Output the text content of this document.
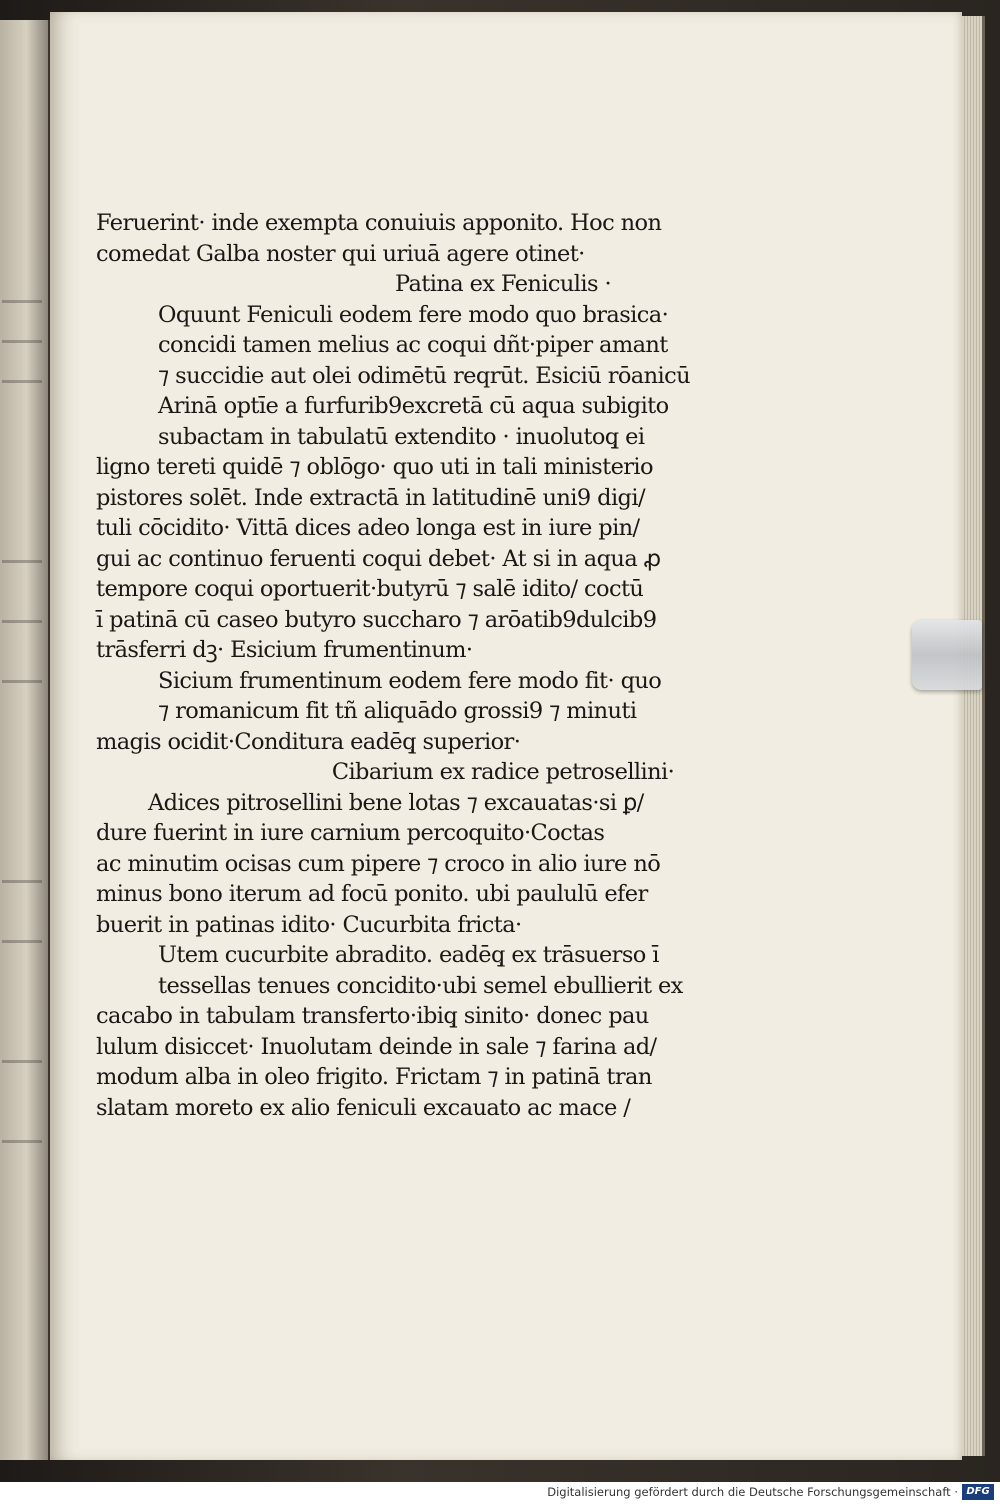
Feruerint· inde exempta conuiuis apponito. Hoc non
comedat Galba noster qui uriuā agere otinet·
Patina ex Feniculis ·
Oquunt Feniculi eodem fere modo quo brasica·
concidi tamen melius ac coqui dñt·piper amant
⁊ succidie aut olei odimētū reqrūt. Esiciū rōanicū
Arinā optīe a furfurib9excretā cū aqua subigito
subactam in tabulatū extendito · inuolutoq̧ ei
ligno tereti quidē ⁊ oblōgo· quo uti in tali ministerio
pistores solēt. Inde extractā in latitudinē uni9 digi/
tuli cōcidito· Vittā dices adeo longa est in iure pin/
gui ac continuo feruenti coqui debet· At si in aqua ꝓ
tempore coqui oportuerit·butyrū ⁊ salē idito/ coctū
ī patinā cū caseo butyro succharo ⁊ arōatib9dulcib9
trāsferri dꝫ· Esicium frumentinum·
Sicium frumentinum eodem fere modo fit· quo
⁊ romanicum fit tñ aliquādo grossi9 ⁊ minuti
magis ocidit·Conditura eadēq̧ superior·
Cibarium ex radice petrosellini·
Adices pitrosellini bene lotas ⁊ excauatas·si ꝑ/
dure fuerint in iure carnium percoquito·Coctas
ac minutim ocisas cum pipere ⁊ croco in alio iure nō
minus bono iterum ad focū ponito. ubi paululū efer
buerit in patinas idito· Cucurbita fricta·
Utem cucurbite abradito. eadēq̧ ex trāsuerso ī
tessellas tenues concidito·ubi semel ebullierit ex
cacabo in tabulam transferto·ibiq̧ sinito· donec pau
lulum disiccet· Inuolutam deinde in sale ⁊ farina ad/
modum alba in oleo frigito. Frictam ⁊ in patinā tran
slatam moreto ex alio feniculi excauato ac mace /
Digitalisierung gefördert durch die Deutsche Forschungsgemeinschaft · DFG
